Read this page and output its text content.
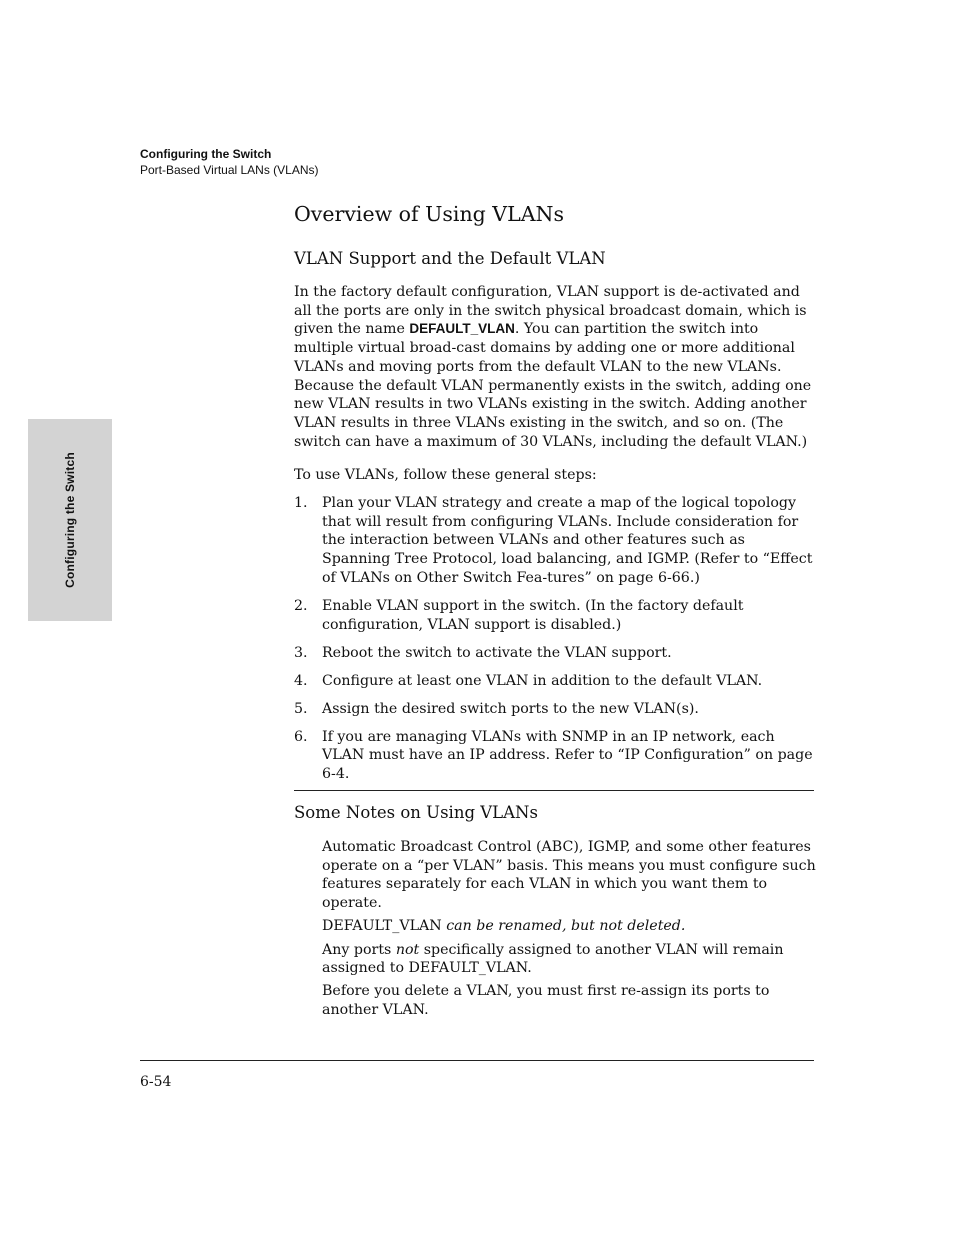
Configuring the Switch
Port-Based Virtual LANs (VLANs)
Configuring the Switch
Overview of Using VLANs
VLAN Support and the Default VLAN

In the factory default configuration, VLAN support is de-activated and all the ports are only in the switch physical broadcast domain, which is given the name DEFAULT_VLAN. You can partition the switch into multiple virtual broad-cast domains by adding one or more additional VLANs and moving ports from the default VLAN to the new VLANs. Because the default VLAN permanently exists in the switch, adding one new VLAN results in two VLANs existing in the switch. Adding another VLAN results in three VLANs existing in the switch, and so on. (The switch can have a maximum of 30 VLANs, including the default VLAN.)

To use VLANs, follow these general steps:

1. Plan your VLAN strategy and create a map of the logical topology that will result from configuring VLANs. Include consideration for the interaction between VLANs and other features such as Spanning Tree Protocol, load balancing, and IGMP. (Refer to “Effect of VLANs on Other Switch Fea-tures” on page 6-66.)
2. Enable VLAN support in the switch. (In the factory default configuration, VLAN support is disabled.)
3. Reboot the switch to activate the VLAN support.
4. Configure at least one VLAN in addition to the default VLAN.
5. Assign the desired switch ports to the new VLAN(s).
6. If you are managing VLANs with SNMP in an IP network, each VLAN must have an IP address. Refer to “IP Configuration” on page 6-4.
Some Notes on Using VLANs

Automatic Broadcast Control (ABC), IGMP, and some other features operate on a “per VLAN” basis. This means you must configure such features separately for each VLAN in which you want them to operate.

DEFAULT_VLAN can be renamed, but not deleted.

Any ports not specifically assigned to another VLAN will remain assigned to DEFAULT_VLAN.

Before you delete a VLAN, you must first re-assign its ports to another VLAN.

6-54
